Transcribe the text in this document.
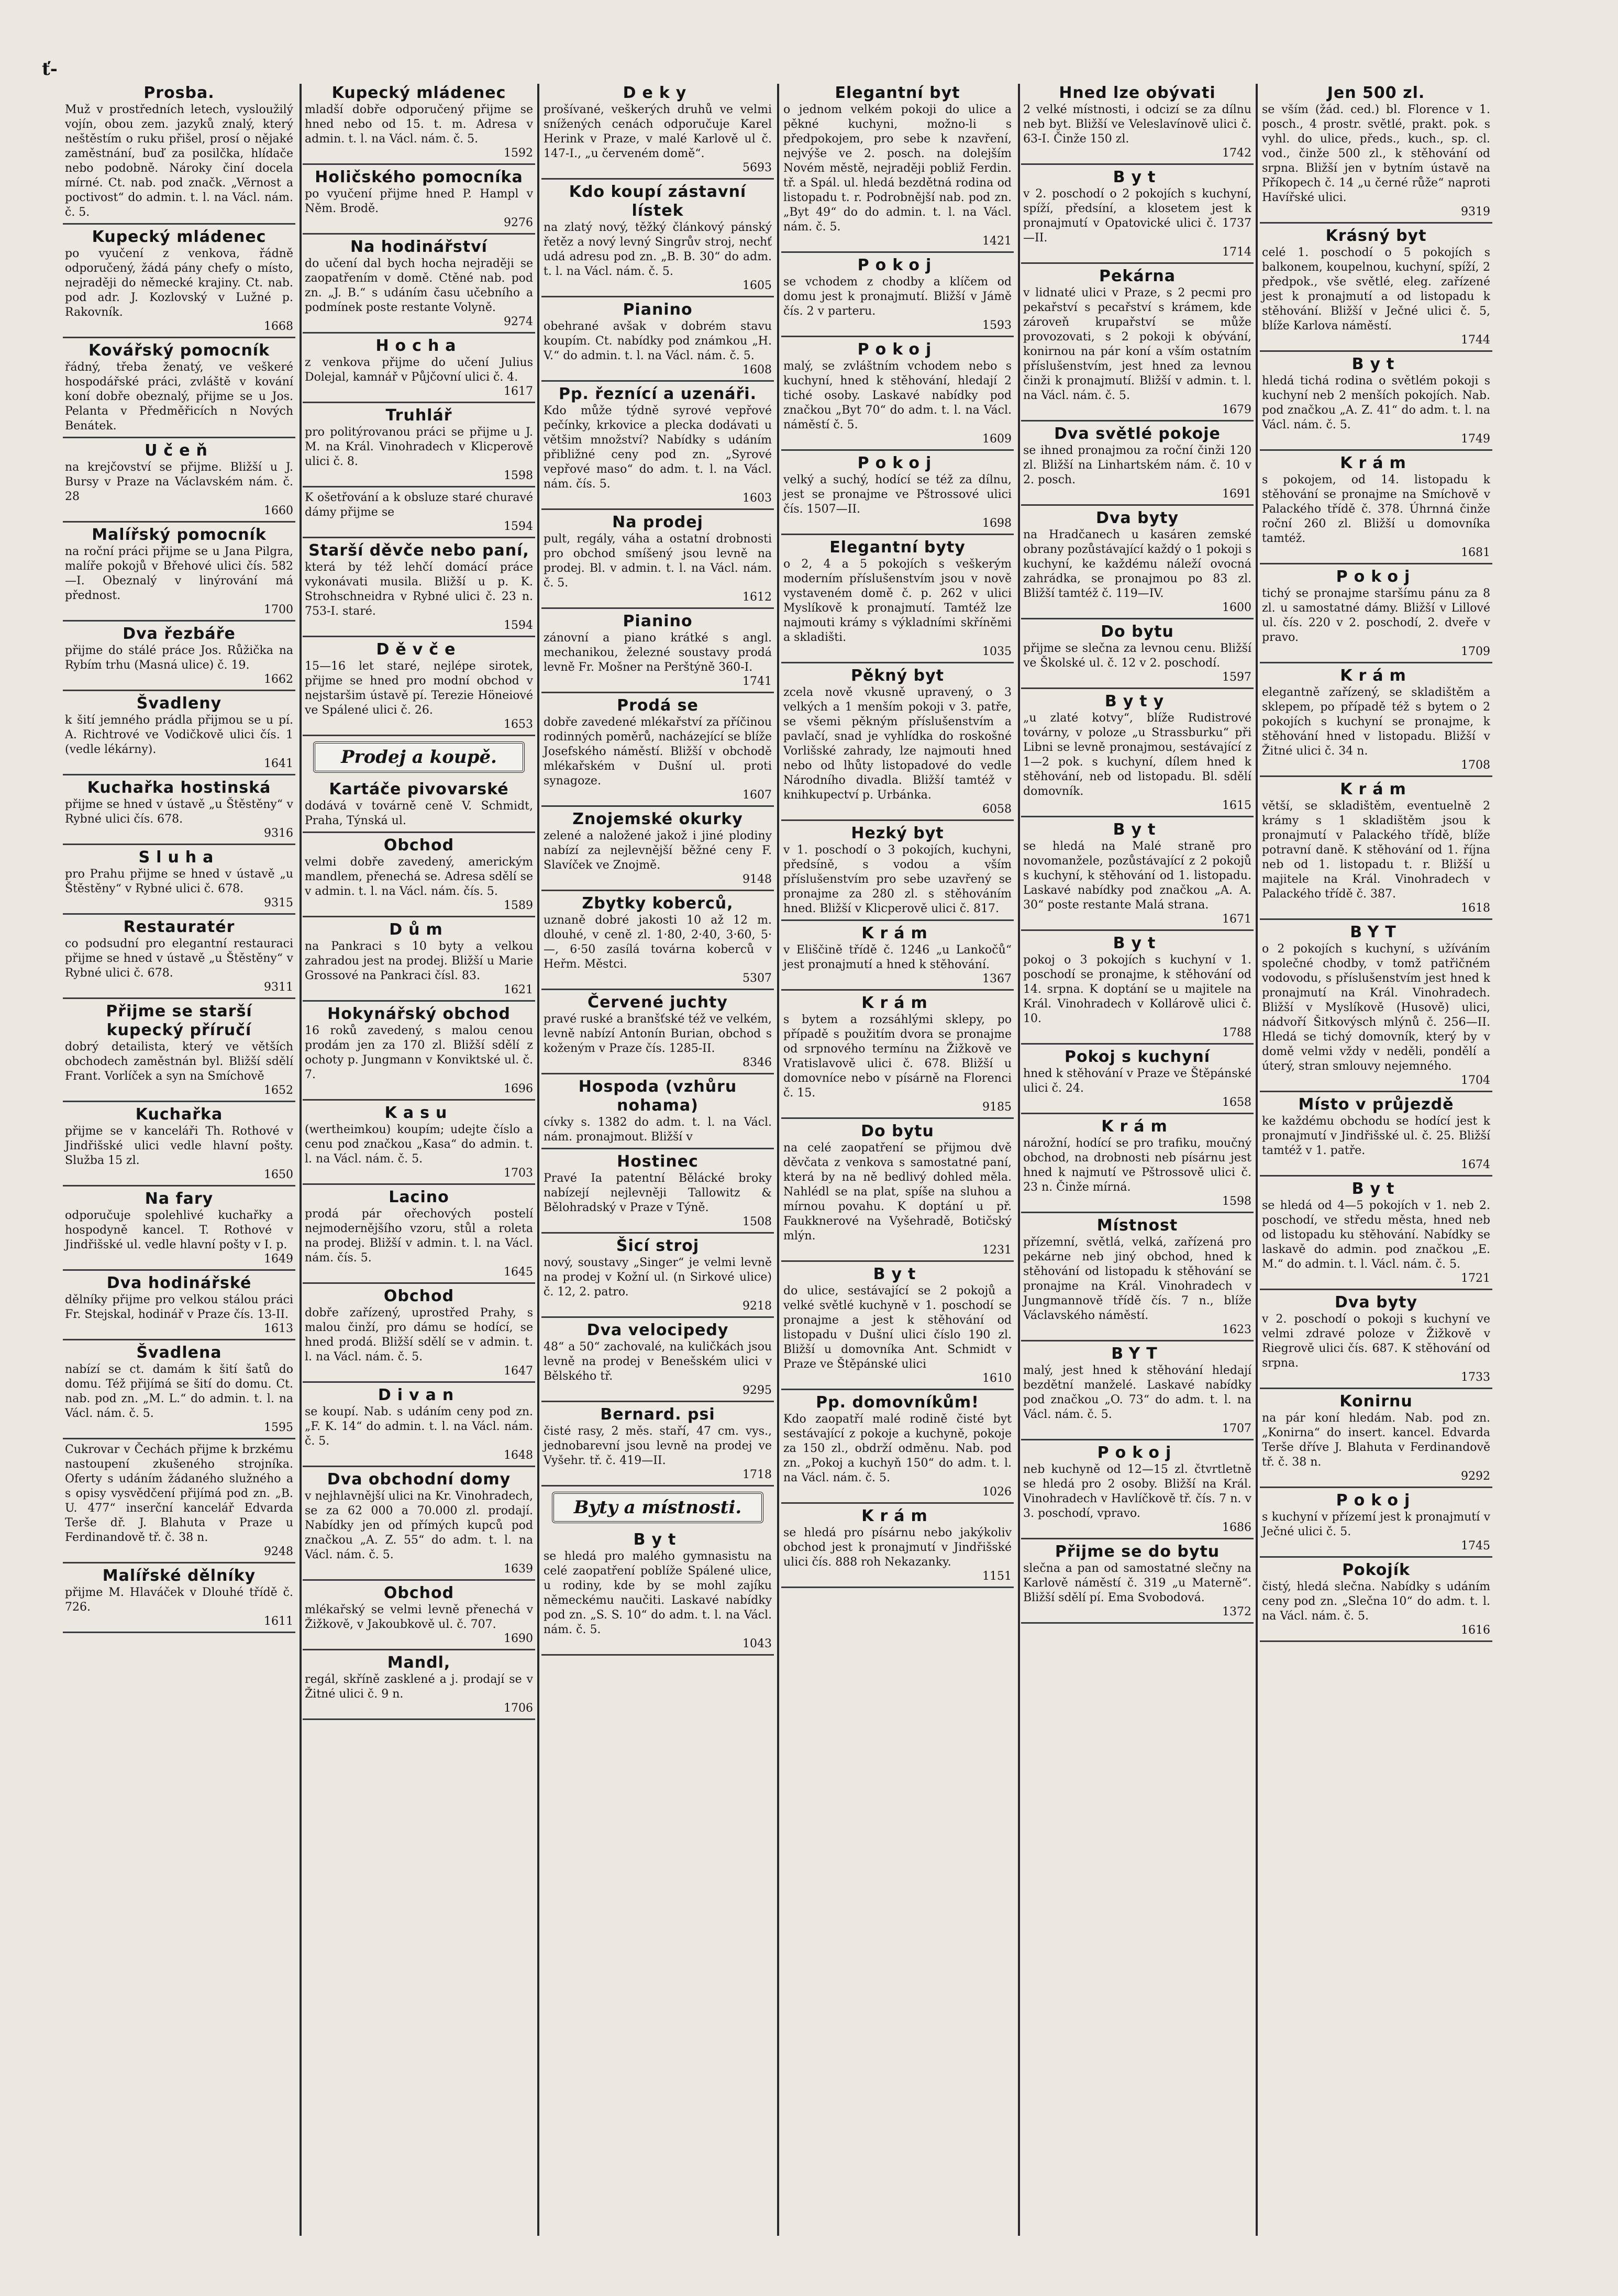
ť-
Prosba.

Muž v prostředních letech, vysloužilý vojín, obou zem. jazyků znalý, který neštěstím o ruku přišel, prosí o nějaké zaměstnání, buď za posilčka, hlídače nebo podobně. Nároky činí docela mírné. Ct. nab. pod značk. „Věrnost a poctivost“ do admin. t. l. na Václ. nám. č. 5.

Kupecký mládenec

po vyučení z venkova, řádně odporučený, žádá pány chefy o místo, nejraději do německé krajiny. Ct. nab. pod adr. J. Kozlovský v Lužné p. Rakovník.

1668
Kovářský pomocník

řádný, třeba ženatý, ve veškeré hospodářské práci, zvláště v kování koní dobře obeznalý, přijme se u Jos. Pelanta v Předměřicích n Nových Benátek.

Učeň

na krejčovství se přijme. Bližší u J. Bursy v Praze na Václavském nám. č. 28

1660
Malířský pomocník

na roční práci přijme se u Jana Pilgra, malíře pokojů v Břehové ulici čís. 582—I. Obeznalý v linýrování má přednost.

1700
Dva řezbáře

přijme do stálé práce Jos. Růžička na Rybím trhu (Masná ulice) č. 19.

1662
Švadleny

k šití jemného prádla přijmou se u pí. A. Richtrové ve Vodičkově ulici čís. 1 (vedle lékárny).

1641
Kuchařka hostinská

přijme se hned v ústavě „u Štěstěny“ v Rybné ulici čís. 678.

9316
Sluha

pro Prahu přijme se hned v ústavě „u Štěstěny“ v Rybné ulici č. 678.

9315
Restauratér

co podsudní pro elegantní restauraci přijme se hned v ústavě „u Štěstěny“ v Rybné ulici č. 678.

9311
Přijme se starší kupecký příručí

dobrý detailista, který ve větších obchodech zaměstnán byl. Bližší sdělí Frant. Vorlíček a syn na Smíchově

1652
Kuchařka

přijme se v kanceláři Th. Rothové v Jindřišské ulici vedle hlavní pošty. Služba 15 zl.

1650
Na fary

odporučuje spolehlivé kuchařky a hospodyně kancel. T. Rothové v Jindřišské ul. vedle hlavní pošty v I. p.

1649
Dva hodinářské

dělníky přijme pro velkou stálou práci Fr. Stejskal, hodinář v Praze čís. 13-II.

1613
Švadlena

nabízí se ct. damám k šití šatů do domu. Též přijímá se šití do domu. Ct. nab. pod zn. „M. L.“ do admin. t. l. na Václ. nám. č. 5.

1595

Cukrovar v Čechách přijme k brzkému nastoupení zkušeného strojníka. Oferty s udáním žádaného služného a s opisy vysvědčení přijímá pod zn. „B. U. 477“ inserční kancelář Edvarda Terše dř. J. Blahuta v Praze u Ferdinandově tř. č. 38 n.

9248
Malířské dělníky

přijme M. Hlaváček v Dlouhé třídě č. 726.

1611
Kupecký mládenec

mladší dobře odporučený přijme se hned nebo od 15. t. m. Adresa v admin. t. l. na Václ. nám. č. 5.

1592
Holičského pomocníka

po vyučení přijme hned P. Hampl v Něm. Brodě.

9276
Na hodinářství

do učení dal bych hocha nejraději se zaopatřením v domě. Ctěné nab. pod zn. „J. B.“ s udáním času učebního a podmínek poste restante Volyně.

9274
Hocha

z venkova přijme do učení Julius Dolejal, kamnář v Půjčovní ulici č. 4.

1617
Truhlář

pro politýrovanou práci se přijme u J. M. na Král. Vinohradech v Klicperově ulici č. 8.

1598

K ošetřování a k obsluze staré churavé dámy přijme se

1594
Starší děvče nebo paní,

která by též lehčí domácí práce vykonávati musila. Bližší u p. K. Strohschneidra v Rybné ulici č. 23 n. 753-I. staré.

1594
Děvče

15—16 let staré, nejlépe sirotek, přijme se hned pro modní obchod v nejstaršim ústavě pí. Terezie Höneiové ve Spálené ulici č. 26.

1653
Prodej a koupě.
Kartáče pivovarské

dodává v továrně ceně V. Schmidt, Praha, Týnská ul.

Obchod

velmi dobře zavedený, americkým mandlem, přenechá se. Adresa sdělí se v admin. t. l. na Václ. nám. čís. 5.

1589
Dům

na Pankraci s 10 byty a velkou zahradou jest na prodej. Bližší u Marie Grossové na Pankraci čísl. 83.

1621
Hokynářský obchod

16 roků zavedený, s malou cenou prodám jen za 170 zl. Bližší sdělí z ochoty p. Jungmann v Konviktské ul. č. 7.

1696
Kasu

(wertheimkou) koupím; udejte číslo a cenu pod značkou „Kasa“ do admin. t. l. na Václ. nám. č. 5.

1703
Lacino

prodá pár ořechových postelí nejmodernějšího vzoru, stůl a roleta na prodej. Bližší v admin. t. l. na Václ. nám. čís. 5.

1645
Obchod

dobře zařízený, uprostřed Prahy, s malou činží, pro dámu se hodící, se hned prodá. Bližší sdělí se v admin. t. l. na Václ. nám. č. 5.

1647
Divan

se koupí. Nab. s udáním ceny pod zn. „F. K. 14“ do admin. t. l. na Václ. nám. č. 5.

1648
Dva obchodní domy

v nejhlavnější ulici na Kr. Vinohradech, se za 62 000 a 70.000 zl. prodají. Nabídky jen od přímých kupců pod značkou „A. Z. 55“ do adm. t. l. na Václ. nám. č. 5.

1639
Obchod

mlékařský se velmi levně přenechá v Žižkově, v Jakoubkově ul. č. 707.

1690
Mandl,

regál, skříně zasklené a j. prodají se v Žitné ulici č. 9 n.

1706
Deky

prošívané, veškerých druhů ve velmi snížených cenách odporučuje Karel Herink v Praze, v malé Karlově ul č. 147-I., „u červeném domě“.

5693
Kdo koupí zástavní lístek

na zlatý nový, těžký článkový pánský řetěz a nový levný Singrův stroj, nechť udá adresu pod zn. „B. B. 30“ do adm. t. l. na Václ. nám. č. 5.

1605
Pianino

obehrané avšak v dobrém stavu koupím. Ct. nabídky pod známkou „H. V.“ do admin. t. l. na Václ. nám. č. 5.

1608
Pp. řeznící a uzenáři.

Kdo může týdně syrové vepřové pečínky, krkovice a plecka dodávati u většim množství? Nabídky s udáním přibližné ceny pod zn. „Syrové vepřové maso“ do adm. t. l. na Václ. nám. čís. 5.

1603
Na prodej

pult, regály, váha a ostatní drobnosti pro obchod smíšený jsou levně na prodej. Bl. v admin. t. l. na Václ. nám. č. 5.

1612
Pianino

zánovní a piano krátké s angl. mechanikou, železné soustavy prodá levně Fr. Mošner na Perštýně 360-I.

1741
Prodá se

dobře zavedené mlékařství za příčinou rodinných poměrů, nacházející se blíže Josefského náměstí. Bližší v obchodě mlékařském v Dušní ul. proti synagoze.

1607
Znojemské okurky

zelené a naložené jakož i jiné plodiny nabízí za nejlevnější běžné ceny F. Slavíček ve Znojmě.

9148
Zbytky koberců,

uznaně dobré jakosti 10 až 12 m. dlouhé, v ceně zl. 1·80, 2·40, 3·60, 5·—, 6·50 zasílá továrna koberců v Heřm. Městci.

5307
Červené juchty

pravé ruské a branšťské též ve velkém, levně nabízí Antonín Burian, obchod s koženým v Praze čís. 1285-II.

8346
Hospoda (vzhůru nohama)

cívky s. 1382 do adm. t. l. na Václ. nám. pronajmout. Bližší v

Hostinec

Pravé Ia patentní Bělácké broky nabízejí nejlevněji Tallowitz & Bělohradský v Praze v Týně.

1508
Šicí stroj

nový, soustavy „Singer“ je velmi levně na prodej v Kožní ul. (n Sirkové ulice) č. 12, 2. patro.

9218
Dva velocipedy

48“ a 50“ zachovalé, na kuličkách jsou levně na prodej v Benešském ulici v Bělského tř.

9295
Bernard. psi

čisté rasy, 2 měs. staří, 47 cm. vys., jednobarevní jsou levně na prodej ve Vyšehr. tř. č. 419—II.

1718
Byty a místnosti.
Byt

se hledá pro malého gymnasistu na celé zaopatření poblíže Spálené ulice, u rodiny, kde by se mohl zajíku německému naučiti. Laskavé nabídky pod zn. „S. S. 10“ do adm. t. l. na Václ. nám. č. 5.

1043
Elegantní byt

o jednom velkém pokoji do ulice a pěkné kuchyni, možno-li s předpokojem, pro sebe k nzavření, nejvýše ve 2. posch. na dolejším Novém městě, nejraději pobliž Ferdin. tř. a Spál. ul. hledá bezdětná rodina od listopadu t. r. Podrobnější nab. pod zn. „Byt 49“ do do admin. t. l. na Václ. nám. č. 5.

1421
Pokoj

se vchodem z chodby a klíčem od domu jest k pronajmutí. Bližší v Jámě čís. 2 v parteru.

1593
Pokoj

malý, se zvláštním vchodem nebo s kuchyní, hned k stěhování, hledají 2 tiché osoby. Laskavé nabídky pod značkou „Byt 70“ do adm. t. l. na Václ. náměstí č. 5.

1609
Pokoj

velký a suchý, hodící se též za dílnu, jest se pronajme ve Pštrossové ulici čís. 1507—II.

1698
Elegantní byty

o 2, 4 a 5 pokojích s veškerým moderním příslušenstvím jsou v nově vystaveném domě č. p. 262 v ulici Myslíkově k pronajmutí. Tamtéž lze najmouti krámy s výkladními skříněmi a skladišti.

1035
Pěkný byt

zcela nově vkusně upravený, o 3 velkých a 1 menším pokoji v 3. patře, se všemi pěkným příslušenstvím a pavlačí, snad je vyhlídka do roskošné Vorlišské zahrady, lze najmouti hned nebo od lhůty listopadové do vedle Národního divadla. Bližší tamtéž v knihkupectví p. Urbánka.

6058
Hezký byt

v 1. poschodí o 3 pokojích, kuchyni, předsíně, s vodou a vším příslušenstvím pro sebe uzavřený se pronajme za 280 zl. s stěhováním hned. Bližší v Klicperově ulici č. 817.

Krám

v Eliščině třídě č. 1246 „u Lankočů“ jest pronajmutí a hned k stěhování.

1367
Krám

s bytem a rozsáhlými sklepy, po případě s použitím dvora se pronajme od srpnového termínu na Žižkově ve Vratislavově ulici č. 678. Bližší u domovníce nebo v písárně na Florenci č. 15.

9185
Do bytu

na celé zaopatření se přijmou dvě děvčata z venkova s samostatné paní, která by na ně bedlivý dohled měla. Nahlédl se na plat, spíše na sluhou a mírnou povahu. K doptání u př. Faukknerové na Vyšehradě, Botičský mlýn.

1231
Byt

do ulice, sestávající se 2 pokojů a velké světlé kuchyně v 1. poschodí se pronajme a jest k stěhování od listopadu v Dušní ulici číslo 190 zl. Bližší u domovníka Ant. Schmidt v Praze ve Štěpánské ulici

1610
Pp. domovníkům!

Kdo zaopatří malé rodině čisté byt sestávající z pokoje a kuchyně, pokoje za 150 zl., obdrží odměnu. Nab. pod zn. „Pokoj a kuchyň 150“ do adm. t. l. na Václ. nám. č. 5.

1026
Krám

se hledá pro písárnu nebo jakýkoliv obchod jest k pronajmutí v Jindřišské ulici čís. 888 roh Nekazanky.

1151
Hned lze obývati

2 velké místnosti, i odcizí se za dílnu neb byt. Bližší ve Veleslavínově ulici č. 63-I. Činže 150 zl.

1742
Byt

v 2. poschodí o 2 pokojích s kuchyní, spíží, předsíní, a klosetem jest k pronajmutí v Opatovické ulici č. 1737—II.

1714
Pekárna

v lidnaté ulici v Praze, s 2 pecmi pro pekařství s pecařství s krámem, kde zároveň krupařství se může provozovati, s 2 pokoji k obývání, konirnou na pár koní a vším ostatním příslušenstvím, jest hned za levnou činži k pronajmutí. Bližší v admin. t. l. na Václ. nám. č. 5.

1679
Dva světlé pokoje

se ihned pronajmou za roční činži 120 zl. Bližší na Linhartském nám. č. 10 v 2. posch.

1691
Dva byty

na Hradčanech u kasáren zemské obrany pozůstávající každý o 1 pokoji s kuchyní, ke každému náleží ovocná zahrádka, se pronajmou po 83 zl. Bližší tamtéž č. 119—IV.

1600
Do bytu

přijme se slečna za levnou cenu. Bližší ve Školské ul. č. 12 v 2. poschodí.

1597
Byty

„u zlaté kotvy“, blíže Rudistrové továrny, v poloze „u Strassburku“ při Libni se levně pronajmou, sestávající z 1—2 pok. s kuchyní, dílem hned k stěhování, neb od listopadu. Bl. sdělí domovník.

1615
Byt

se hledá na Malé straně pro novomanžele, pozůstávající z 2 pokojů s kuchyní, k stěhování od 1. listopadu. Laskavé nabídky pod značkou „A. A. 30“ poste restante Malá strana.

1671
Byt

pokoj o 3 pokojích s kuchyní v 1. poschodí se pronajme, k stěhování od 14. srpna. K doptání se u majitele na Král. Vinohradech v Kollárově ulici č. 10.

1788
Pokoj s kuchyní

hned k stěhování v Praze ve Štěpánské ulici č. 24.

1658
Krám

nárožní, hodící se pro trafiku, moučný obchod, na drobnosti neb písárnu jest hned k najmutí ve Pštrossově ulici č. 23 n. Činže mírná.

1598
Místnost

přízemní, světlá, velká, zařízená pro pekárne neb jiný obchod, hned k stěhování od listopadu k stěhování se pronajme na Král. Vinohradech v Jungmannově třídě čís. 7 n., blíže Václavského náměstí.

1623
BYT

malý, jest hned k stěhování hledají bezdětní manželé. Laskavé nabídky pod značkou „O. 73“ do adm. t. l. na Václ. nám. č. 5.

1707
Pokoj

neb kuchyně od 12—15 zl. čtvrtletně se hledá pro 2 osoby. Bližší na Král. Vinohradech v Havlíčkově tř. čís. 7 n. v 3. poschodí, vpravo.

1686
Přijme se do bytu

slečna a pan od samostatné slečny na Karlově náměstí č. 319 „u Materně“. Bližší sdělí pí. Ema Svobodová.

1372
Jen 500 zl.

se vším (žád. ced.) bl. Florence v 1. posch., 4 prostr. světlé, prakt. pok. s vyhl. do ulice, předs., kuch., sp. cl. vod., činže 500 zl., k stěhování od srpna. Bližší jen v bytním ústavě na Příkopech č. 14 „u černé růže“ naproti Havířské ulici.

9319
Krásný byt

celé 1. poschodí o 5 pokojích s balkonem, koupelnou, kuchyní, spíží, 2 předpok., vše světlé, eleg. zařízené jest k pronajmutí a od listopadu k stěhování. Bližší v Ječné ulici č. 5, blíže Karlova náměstí.

1744
Byt

hledá tichá rodina o světlém pokoji s kuchyní neb 2 menších pokojích. Nab. pod značkou „A. Z. 41“ do adm. t. l. na Václ. nám. č. 5.

1749
Krám

s pokojem, od 14. listopadu k stěhování se pronajme na Smíchově v Palackého třídě č. 378. Úhrnná činže roční 260 zl. Bližší u domovníka tamtéž.

1681
Pokoj

tichý se pronajme staršímu pánu za 8 zl. u samostatné dámy. Bližší v Lillové ul. čís. 220 v 2. poschodí, 2. dveře v pravo.

1709
Krám

elegantně zařízený, se skladištěm a sklepem, po případě též s bytem o 2 pokojích s kuchyní se pronajme, k stěhování hned v listopadu. Bližší v Žitné ulici č. 34 n.

1708
Krám

větší, se skladištěm, eventuelně 2 krámy s 1 skladištěm jsou k pronajmutí v Palackého třídě, blíže potravní daně. K stěhování od 1. října neb od 1. listopadu t. r. Bližší u majitele na Král. Vinohradech v Palackého třídě č. 387.

1618
BYT

o 2 pokojích s kuchyní, s užíváním společné chodby, v tomž patřičném vodovodu, s příslušenstvím jest hned k pronajmutí na Král. Vinohradech. Bližší v Myslíkově (Husově) ulici, nádvoří Šitkovýsch mlýnů č. 256—II. Hledá se tichý domovník, který by v domě velmi vždy v neděli, pondělí a úterý, stran smlouvy nejemného.

1704
Místo v průjezdě

ke každému obchodu se hodící jest k pronajmutí v Jindřišské ul. č. 25. Bližší tamtéž v 1. patře.

1674
Byt

se hledá od 4—5 pokojích v 1. neb 2. poschodí, ve středu města, hned neb od listopadu ku stěhování. Nabídky se laskavě do admin. pod značkou „E. M.“ do admin. t. l. Václ. nám. č. 5.

1721
Dva byty

v 2. poschodí o pokoji s kuchyní ve velmi zdravé poloze v Žižkově v Riegrově ulici čís. 687. K stěhování od srpna.

1733
Konirnu

na pár koní hledám. Nab. pod zn. „Konirna“ do insert. kancel. Edvarda Terše dříve J. Blahuta v Ferdinandově tř. č. 38 n.

9292
Pokoj

s kuchyní v přízemí jest k pronajmutí v Ječné ulici č. 5.

1745
Pokojík

čistý, hledá slečna. Nabídky s udáním ceny pod zn. „Slečna 10“ do adm. t. l. na Václ. nám. č. 5.

1616
